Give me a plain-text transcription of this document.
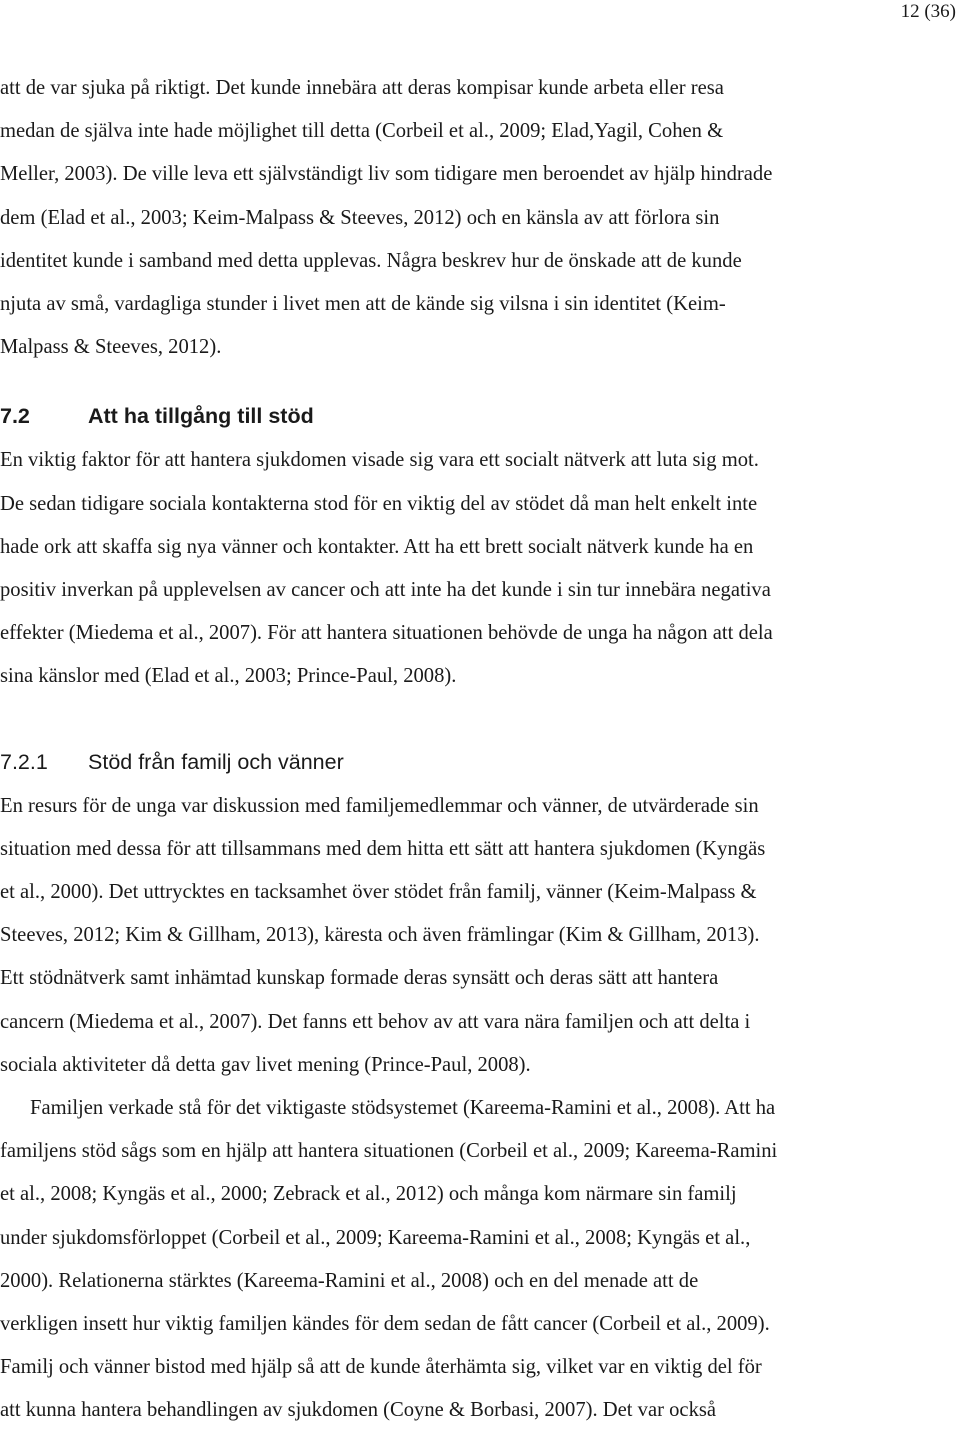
12 (36)

att de var sjuka på riktigt. Det kunde innebära att deras kompisar kunde arbeta eller resa
medan de själva inte hade möjlighet till detta (Corbeil et al., 2009; Elad,Yagil, Cohen &
Meller, 2003). De ville leva ett självständigt liv som tidigare men beroendet av hjälp hindrade
dem (Elad et al., 2003; Keim-Malpass & Steeves, 2012) och en känsla av att förlora sin
identitet kunde i samband med detta upplevas. Några beskrev hur de önskade att de kunde
njuta av små, vardagliga stunder i livet men att de kände sig vilsna i sin identitet (Keim-
Malpass & Steeves, 2012).

7.2	Att ha tillgång till stöd

En viktig faktor för att hantera sjukdomen visade sig vara ett socialt nätverk att luta sig mot.
De sedan tidigare sociala kontakterna stod för en viktig del av stödet då man helt enkelt inte
hade ork att skaffa sig nya vänner och kontakter. Att ha ett brett socialt nätverk kunde ha en
positiv inverkan på upplevelsen av cancer och att inte ha det kunde i sin tur innebära negativa
effekter (Miedema et al., 2007). För att hantera situationen behövde de unga ha någon att dela
sina känslor med (Elad et al., 2003; Prince-Paul, 2008).

7.2.1	Stöd från familj och vänner

En resurs för de unga var diskussion med familjemedlemmar och vänner, de utvärderade sin
situation med dessa för att tillsammans med dem hitta ett sätt att hantera sjukdomen (Kyngäs
et al., 2000). Det uttrycktes en tacksamhet över stödet från familj, vänner (Keim-Malpass &
Steeves, 2012; Kim & Gillham, 2013), käresta och även främlingar (Kim & Gillham, 2013).
Ett stödnätverk samt inhämtad kunskap formade deras synsätt och deras sätt att hantera
cancern (Miedema et al., 2007). Det fanns ett behov av att vara nära familjen och att delta i
sociala aktiviteter då detta gav livet mening (Prince-Paul, 2008).

Familjen verkade stå för det viktigaste stödsystemet (Kareema-Ramini et al., 2008). Att ha
familjens stöd sågs som en hjälp att hantera situationen (Corbeil et al., 2009; Kareema-Ramini
et al., 2008; Kyngäs et al., 2000; Zebrack et al., 2012) och många kom närmare sin familj
under sjukdomsförloppet (Corbeil et al., 2009; Kareema-Ramini et al., 2008; Kyngäs et al.,
2000). Relationerna stärktes (Kareema-Ramini et al., 2008) och en del menade att de
verkligen insett hur viktig familjen kändes för dem sedan de fått cancer (Corbeil et al., 2009).
Familj och vänner bistod med hjälp så att de kunde återhämta sig, vilket var en viktig del för
att kunna hantera behandlingen av sjukdomen (Coyne & Borbasi, 2007). Det var också
